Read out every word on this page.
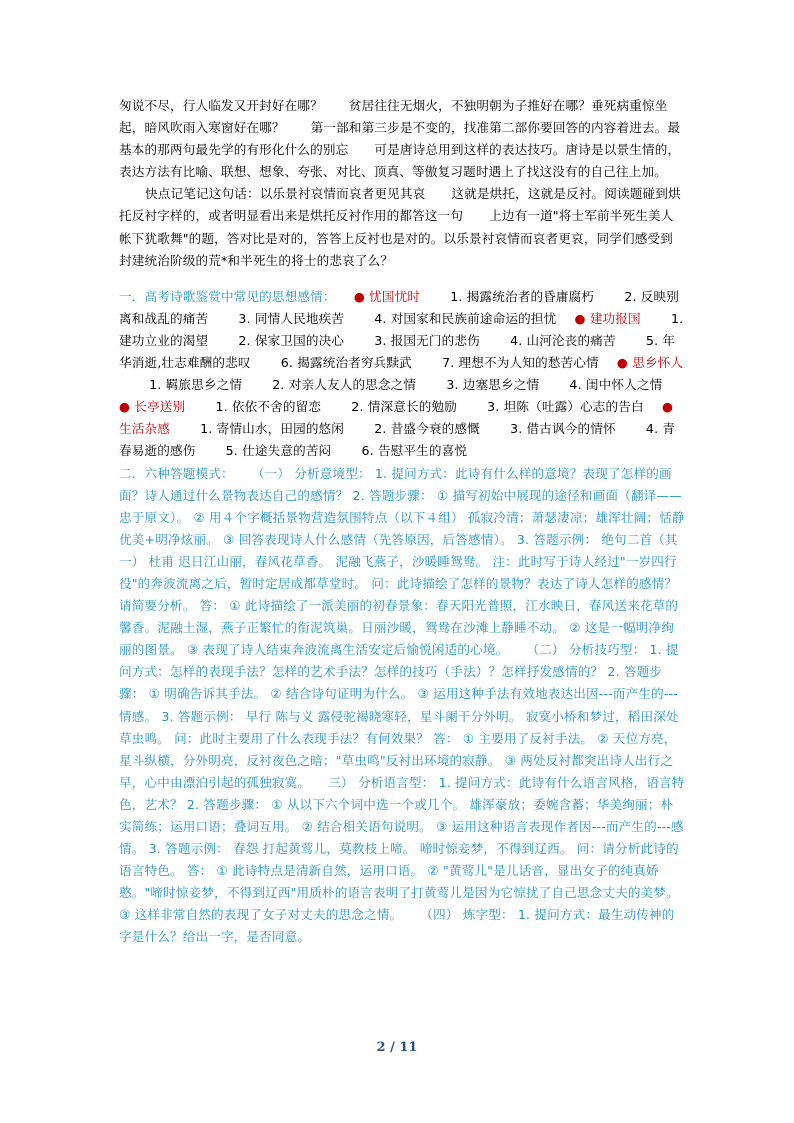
匆说不尽，行人临发又开封好在哪？ 贫居往往无烟火，不独明朝为子推好在哪？垂死病重惊坐起，暗风吹雨入寒窗好在哪？ 第一部和第三步是不变的，找准第二部你要回答的内容着进去。最基本的那两句最先学的有形化什么的别忘 可是唐诗总用到这样的表达技巧。唐诗是以景生情的，表达方法有比喻、联想、想象、夸张、对比、顶真、等傲复习题时遇上了找这没有的自己往上加。快点记笔记这句话：以乐景衬哀情而哀者更见其哀 这就是烘托，这就是反衬。阅读题碰到烘托反衬字样的，或者明显看出来是烘托反衬作用的都答这一句 上边有一道"将士军前半死生美人帐下犹歌舞"的题，答对比是对的，答答上反衬也是对的。以乐景衬哀情而哀者更哀，同学们感受到封建统治阶级的荒*和半死生的将士的悲哀了么？

一．高考诗歌鉴赏中常见的思想感情： ● 忧国忧时 1. 揭露统治者的昏庸腐朽 2. 反映别离和战乱的痛苦 3. 同情人民地疾苦 4. 对国家和民族前途命运的担忧 ● 建功报国 1. 建功立业的渴望 2. 保家卫国的决心 3. 报国无门的悲伤 4. 山河沦丧的痛苦 5. 年华消逝,壮志难酬的悲叹 6. 揭露统治者穷兵黩武 7. 理想不为人知的愁苦心情 ● 思乡怀人 1. 羁旅思乡之情 2. 对亲人友人的思念之情 3. 边塞思乡之情 4. 闺中怀人之情 ● 长亭送别 1. 依依不舍的留恋 2. 情深意长的勉励 3. 坦陈（吐露）心志的告白 ● 生活杂感 1. 寄情山水，田园的悠闲 2. 昔盛今衰的感慨 3. 借古讽今的情怀 4. 青春易逝的感伤 5. 仕途失意的苦闷 6. 告慰平生的喜悦

二．六种答题模式： （一） 分析意境型： 1. 提问方式：此诗有什么样的意境？表现了怎样的画面？诗人通过什么景物表达自己的感情？ 2. 答题步骤： ① 描写初始中展现的途径和画面（翻译——忠于原文）。 ② 用４个字概括景物营造氛围特点（以下４组） 孤寂冷清；萧瑟凄凉；雄浑壮阔；恬静优美+明净炫丽。 ③ 回答表现诗人什么感情（先答原因，后答感情）。 3. 答题示例： 绝句二首（其一） 杜甫 迟日江山丽，春风花草香。 泥融飞燕子，沙暖睡鸳鸯。 注：此时写于诗人经过"一岁四行役"的奔波流离之后，暂时定居成都草堂时。 问：此诗描绘了怎样的景物？表达了诗人怎样的感情？请简要分析。 答： ① 此诗描绘了一派美丽的初春景象：春天阳光普照，江水映日，春风送来花草的馨香。泥融土湿，燕子正繁忙的衔泥筑巢。日丽沙暖，鸳鸯在沙滩上静睡不动。 ② 这是一幅明净绚丽的图景。 ③ 表现了诗人结束奔波流离生活安定后愉悦闲适的心境。 （二） 分析技巧型： 1. 提问方式：怎样的表现手法？怎样的艺术手法？怎样的技巧（手法）？怎样抒发感情的？ 2. 答题步骤： ① 明确告诉其手法。 ② 结合诗句证明为什么。 ③ 运用这种手法有效地表达出因---而产生的---情感。 3. 答题示例： 早行 陈与义 露侵驼褐晓寒轻，星斗阑干分外明。 寂寞小桥和梦过，稻田深处草虫鸣。 问：此时主要用了什么表现手法？有何效果？ 答： ① 主要用了反衬手法。 ② 天位方亮，星斗纵横，分外明亮，反衬夜色之暗；"草虫鸣"反衬出环境的寂静。 ③ 两处反衬都突出诗人出行之早，心中由漂泊引起的孤独寂寞。 三） 分析语言型： 1. 提问方式：此诗有什么语言风格，语言特色，艺术？ 2. 答题步骤： ① 从以下六个词中选一个或几个。 雄浑豪放；委婉含蓄；华美绚丽；朴实简练；运用口语；叠词互用。 ② 结合相关语句说明。 ③ 运用这种语言表现作者因---而产生的---感情。 3. 答题示例： 春怨 打起黄莺儿，莫教枝上啼。 啼时惊妾梦，不得到辽西。 问：请分析此诗的语言特色。 答： ① 此诗特点是清新自然，运用口语。 ② "黄莺儿"是儿话音，显出女子的纯真娇憨。"啼时惊妾梦，不得到辽西"用质朴的语言表明了打黄莺儿是因为它惊扰了自己思念丈夫的美梦。 ③ 这样非常自然的表现了女子对丈夫的思念之情。 （四） 炼字型： 1. 提问方式：最生动传神的字是什么？给出一字，是否同意。

2 / 11
